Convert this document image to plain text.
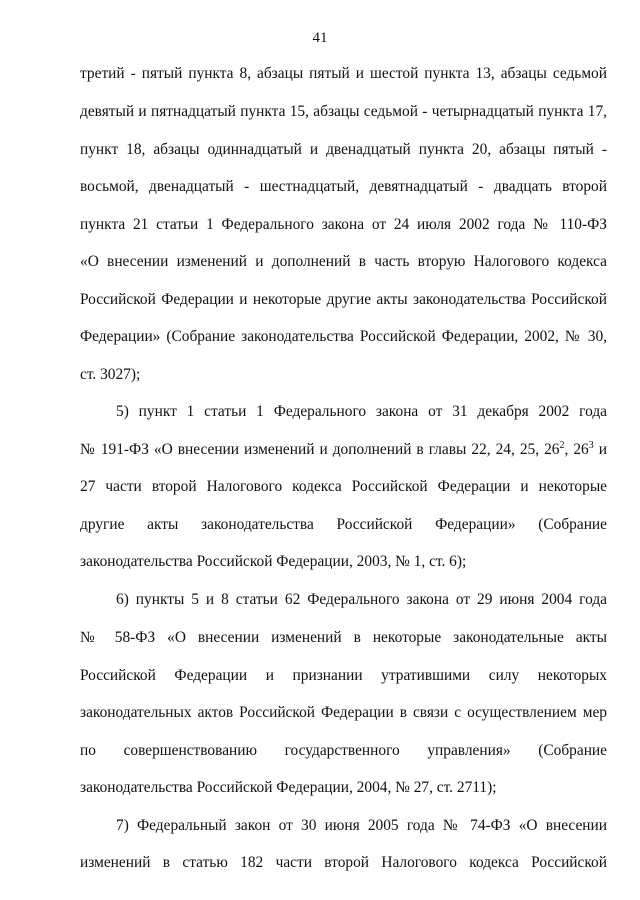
41
третий - пятый пункта 8, абзацы пятый и шестой пункта 13, абзацы седьмой
девятый и пятнадцатый пункта 15, абзацы седьмой - четырнадцатый пункта 17,
пункт 18, абзацы одиннадцатый и двенадцатый пункта 20, абзацы пятый -
восьмой, двенадцатый - шестнадцатый, девятнадцатый - двадцать второй
пункта 21 статьи 1 Федерального закона от 24 июля 2002 года № 110-ФЗ
«О внесении изменений и дополнений в часть вторую Налогового кодекса
Российской Федерации и некоторые другие акты законодательства Российской
Федерации» (Собрание законодательства Российской Федерации, 2002, № 30,
ст. 3027);
5) пункт 1 статьи 1 Федерального закона от 31 декабря 2002 года
№ 191-ФЗ «О внесении изменений и дополнений в главы 22, 24, 25, $26^2$, $26^3$ и
27 части второй Налогового кодекса Российской Федерации и некоторые
другие акты законодательства Российской Федерации» (Собрание
законодательства Российской Федерации, 2003, № 1, ст. 6);
6) пункты 5 и 8 статьи 62 Федерального закона от 29 июня 2004 года
№ 58-ФЗ «О внесении изменений в некоторые законодательные акты
Российской Федерации и признании утратившими силу некоторых
законодательных актов Российской Федерации в связи с осуществлением мер
по совершенствованию государственного управления» (Собрание
законодательства Российской Федерации, 2004, № 27, ст. 2711);
7) Федеральный закон от 30 июня 2005 года № 74-ФЗ «О внесении
изменений в статью 182 части второй Налогового кодекса Российской
